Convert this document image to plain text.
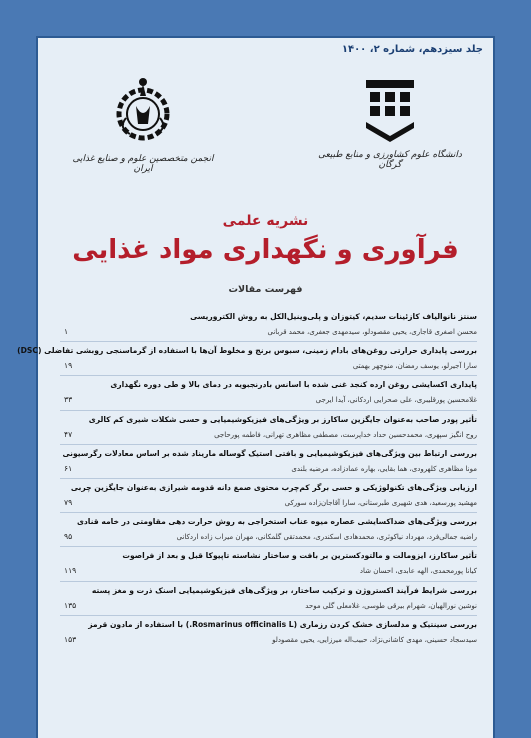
جلد سیزدهم، شماره ۲، ۱۴۰۰
انجمن متخصصین علوم و صنایع غذایی ایران
دانشگاه علوم کشاورزی و منابع طبیعی گرگان
نشریه علمی
فرآوری و نگهداری مواد غذایی
فهرست مقالات
سنتز نانوالیاف کازئینات سدیم، کیتوزان و پلی‌وینیل‌الکل به روش الکتروریسی
محسن اصغری قاجاری، یحیی مقصودلو، سیدمهدی جعفری، محمد قربانی
۱
بررسی پایداری حرارتی روغن‌های بادام زمینی، سبوس برنج و مخلوط آن‌ها با استفاده از گرماسنجی روبشی تفاضلی (DSC)
سارا آجیرلو، یوسف رمضان، منوچهر بهمتی
۱۹
پایداری اکسایشی روغن ارده کنجد غنی شده با اسانس بادرنجبویه در دمای بالا و طی دوره نگهداری
غلامحسین پورقلیبری، علی صحرایی اردکانی، آیدا ایرجی
۳۳
تأثیر پودر صاحب به‌عنوان جایگزین ساکارز بر ویژگی‌های فیزیکوشیمیایی و حسی شکلات شیری کم کالری
روح انگیز سپهری، محمدحسین حداد خداپرست، مصطفی مظاهری تهرانی، فاطمه پورحاجی
۴۷
بررسی ارتباط بین ویژگی‌های فیزیکوشیمیایی و بافتی استیک گوساله ماریناد شده بر اساس معادلات رگرسیونی
مونا مظاهری کلهرودی، هما بقایی، بهاره عمادزاده، مرضیه بلندی
۶۱
ارزیابی ویژگی‌های تکنولوژیکی و حسی برگر کم‌چرب محتوی صمغ دانه قدومه شیرازی به‌عنوان جایگزین چربی
مهشید پورسعید، هدی شهیری طبرستانی، سارا آقاجان‌زاده سورکی
۷۹
بررسی ویژگی‌های ضداکسایشی عصاره میوه عناب استخراجی به روش حرارت دهی مقاومتی در خامه قنادی
راضیه جمالی‌فرد، مهرداد نیاکوثری، محمدهادی اسکندری، محمدتقی گلمکانی، مهران میراب زاده اردکانی
۹۵
تأثیر ساکارز، ایزومالت و مالتودکسترین بر بافت و ساختار نشاسته تاپیوکا قبل و بعد از فراصوت
کیانا پورمحمدی، الهه عابدی، احسان شاد
۱۱۹
بررسی شرایط فرآیند اکستروژن و ترکیب ساختار، بر ویژگی‌های فیزیکوشیمیایی اسنک ذرت و مغز پسته
نوشین نورالهیان، شهرام بیرقی طوسی، غلامعلی گلی موحد
۱۳۵
بررسی سینتیک و مدلسازی خشک کردن رزماری (Rosmarinus officinalis L.) با استفاده از مادون قرمز
سیدسجاد حسینی، مهدی کاشانی‌نژاد، حبیب‌اله میرزایی، یحیی مقصودلو
۱۵۳
